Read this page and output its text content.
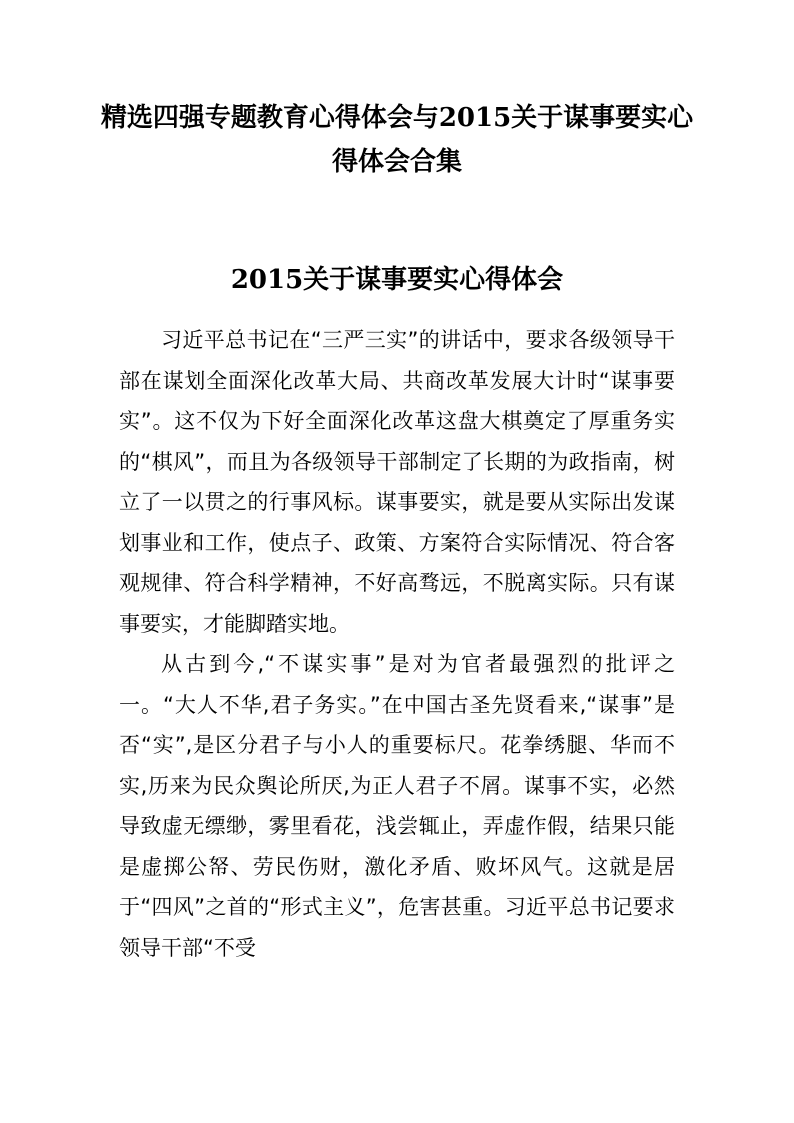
精选四强专题教育心得体会与2015关于谋事要实心得体会合集
2015关于谋事要实心得体会

习近平总书记在“三严三实”的讲话中，要求各级领导干部在谋划全面深化改革大局、共商改革发展大计时“谋事要实”。这不仅为下好全面深化改革这盘大棋奠定了厚重务实的“棋风”，而且为各级领导干部制定了长期的为政指南，树立了一以贯之的行事风标。谋事要实，就是要从实际出发谋划事业和工作，使点子、政策、方案符合实际情况、符合客观规律、符合科学精神，不好高骛远，不脱离实际。只有谋事要实，才能脚踏实地。

从古到今,“不谋实事”是对为官者最强烈的批评之一。“大人不华,君子务实。”在中国古圣先贤看来,“谋事”是否“实”,是区分君子与小人的重要标尺。花拳绣腿、华而不实,历来为民众舆论所厌,为正人君子不屑。谋事不实，必然导致虚无缥缈，雾里看花，浅尝辄止，弄虚作假，结果只能是虚掷公帑、劳民伤财，激化矛盾、败坏风气。这就是居于“四风”之首的“形式主义”，危害甚重。习近平总书记要求领导干部“不受
